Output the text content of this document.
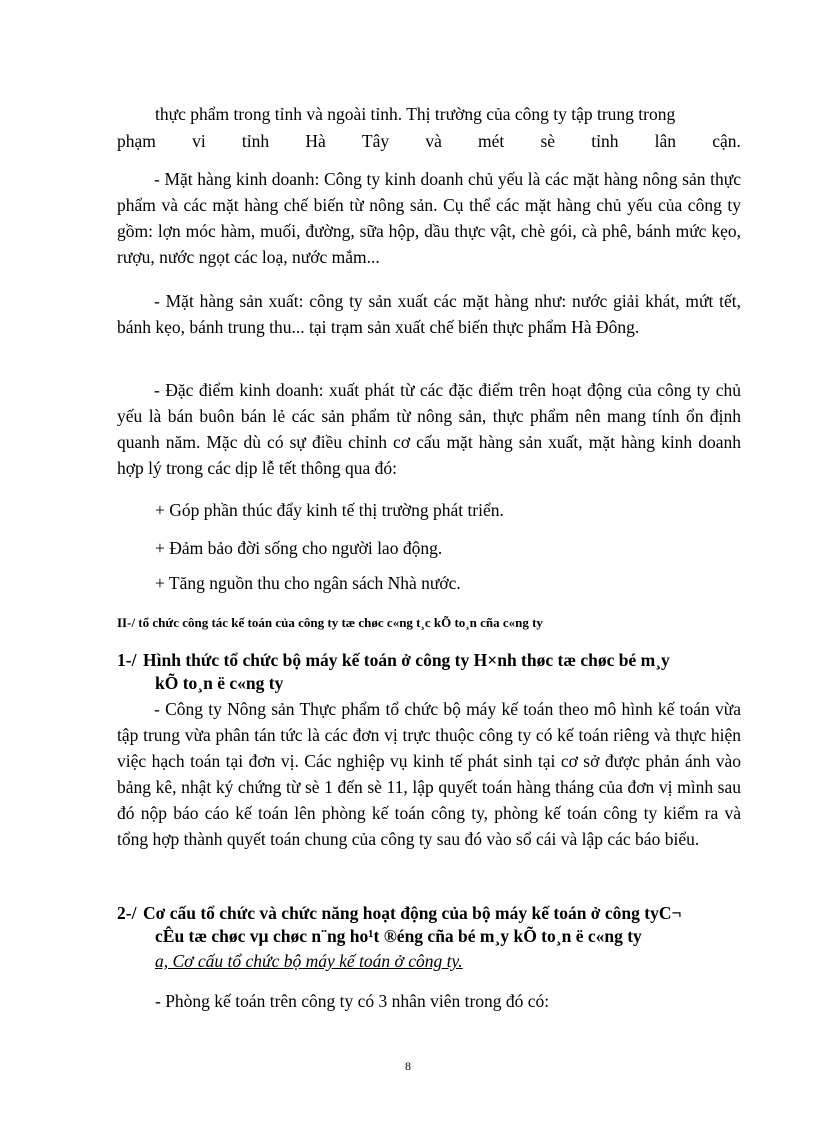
thực phẩm trong tỉnh và ngoài tỉnh. Thị trường của công ty tập trung trong
phạm vi tỉnh Hà Tây và mét sè tỉnh lân cận.
- Mặt hàng kinh doanh: Công ty kinh doanh chủ yếu là các mặt hàng nông sản thực phẩm và các mặt hàng chế biến từ nông sản. Cụ thể các mặt hàng chủ yếu của công ty gồm: lợn móc hàm, muối, đường, sữa hộp, dầu thực vật, chè gói, cà phê, bánh mức kẹo, rượu, nước ngọt các loạ, nước mắm...
- Mặt hàng sản xuất: công ty sản xuất các mặt hàng như: nước giải khát, mứt tết, bánh kẹo, bánh trung thu... tại trạm sản xuất chế biến thực phẩm Hà Đông.
- Đặc điểm kinh doanh: xuất phát từ các đặc điểm trên hoạt động của công ty chủ yếu là bán buôn bán lẻ các sản phẩm từ nông sản, thực phẩm nên mang tính ổn định quanh năm. Mặc dù có sự điều chỉnh cơ cấu mặt hàng sản xuất, mặt hàng kinh doanh hợp lý trong các dịp lễ tết thông qua đó:
+ Góp phần thúc đẩy kinh tế thị trường phát triển.
+ Đảm bảo đời sống cho người lao động.
+ Tăng nguồn thu cho ngân sách Nhà nước.
II-/ tổ chức công tác kế toán của công ty tæ chøc c«ng t¸c kÕ to¸n cña c«ng ty
1-/ Hình thức tổ chức bộ máy kế toán ở công ty H×nh thøc tæ chøc bé m¸y
kÕ to¸n ë c«ng ty
- Công ty Nông sản Thực phẩm tổ chức bộ máy kế toán theo mô hình kế toán vừa tập trung vừa phân tán tức là các đơn vị trực thuộc công ty có kế toán riêng và thực hiện việc hạch toán tại đơn vị. Các nghiệp vụ kinh tế phát sinh tại cơ sở được phản ánh vào bảng kê, nhật ký chứng từ sè 1 đến sè 11, lập quyết toán hàng tháng của đơn vị mình sau đó nộp báo cáo kế toán lên phòng kế toán công ty, phòng kế toán công ty kiểm ra và tổng hợp thành quyết toán chung của công ty sau đó vào sổ cái và lập các báo biểu.
2-/ Cơ cấu tổ chức và chức năng hoạt động của bộ máy kế toán ở công tyC¬
cÊu tæ chøc vµ chøc n¨ng ho¹t ®éng cña bé m¸y kÕ to¸n ë c«ng ty
a, Cơ cấu tổ chức bộ máy kế toán ở công ty.
- Phòng kế toán trên công ty có 3 nhân viên trong đó có:
8
